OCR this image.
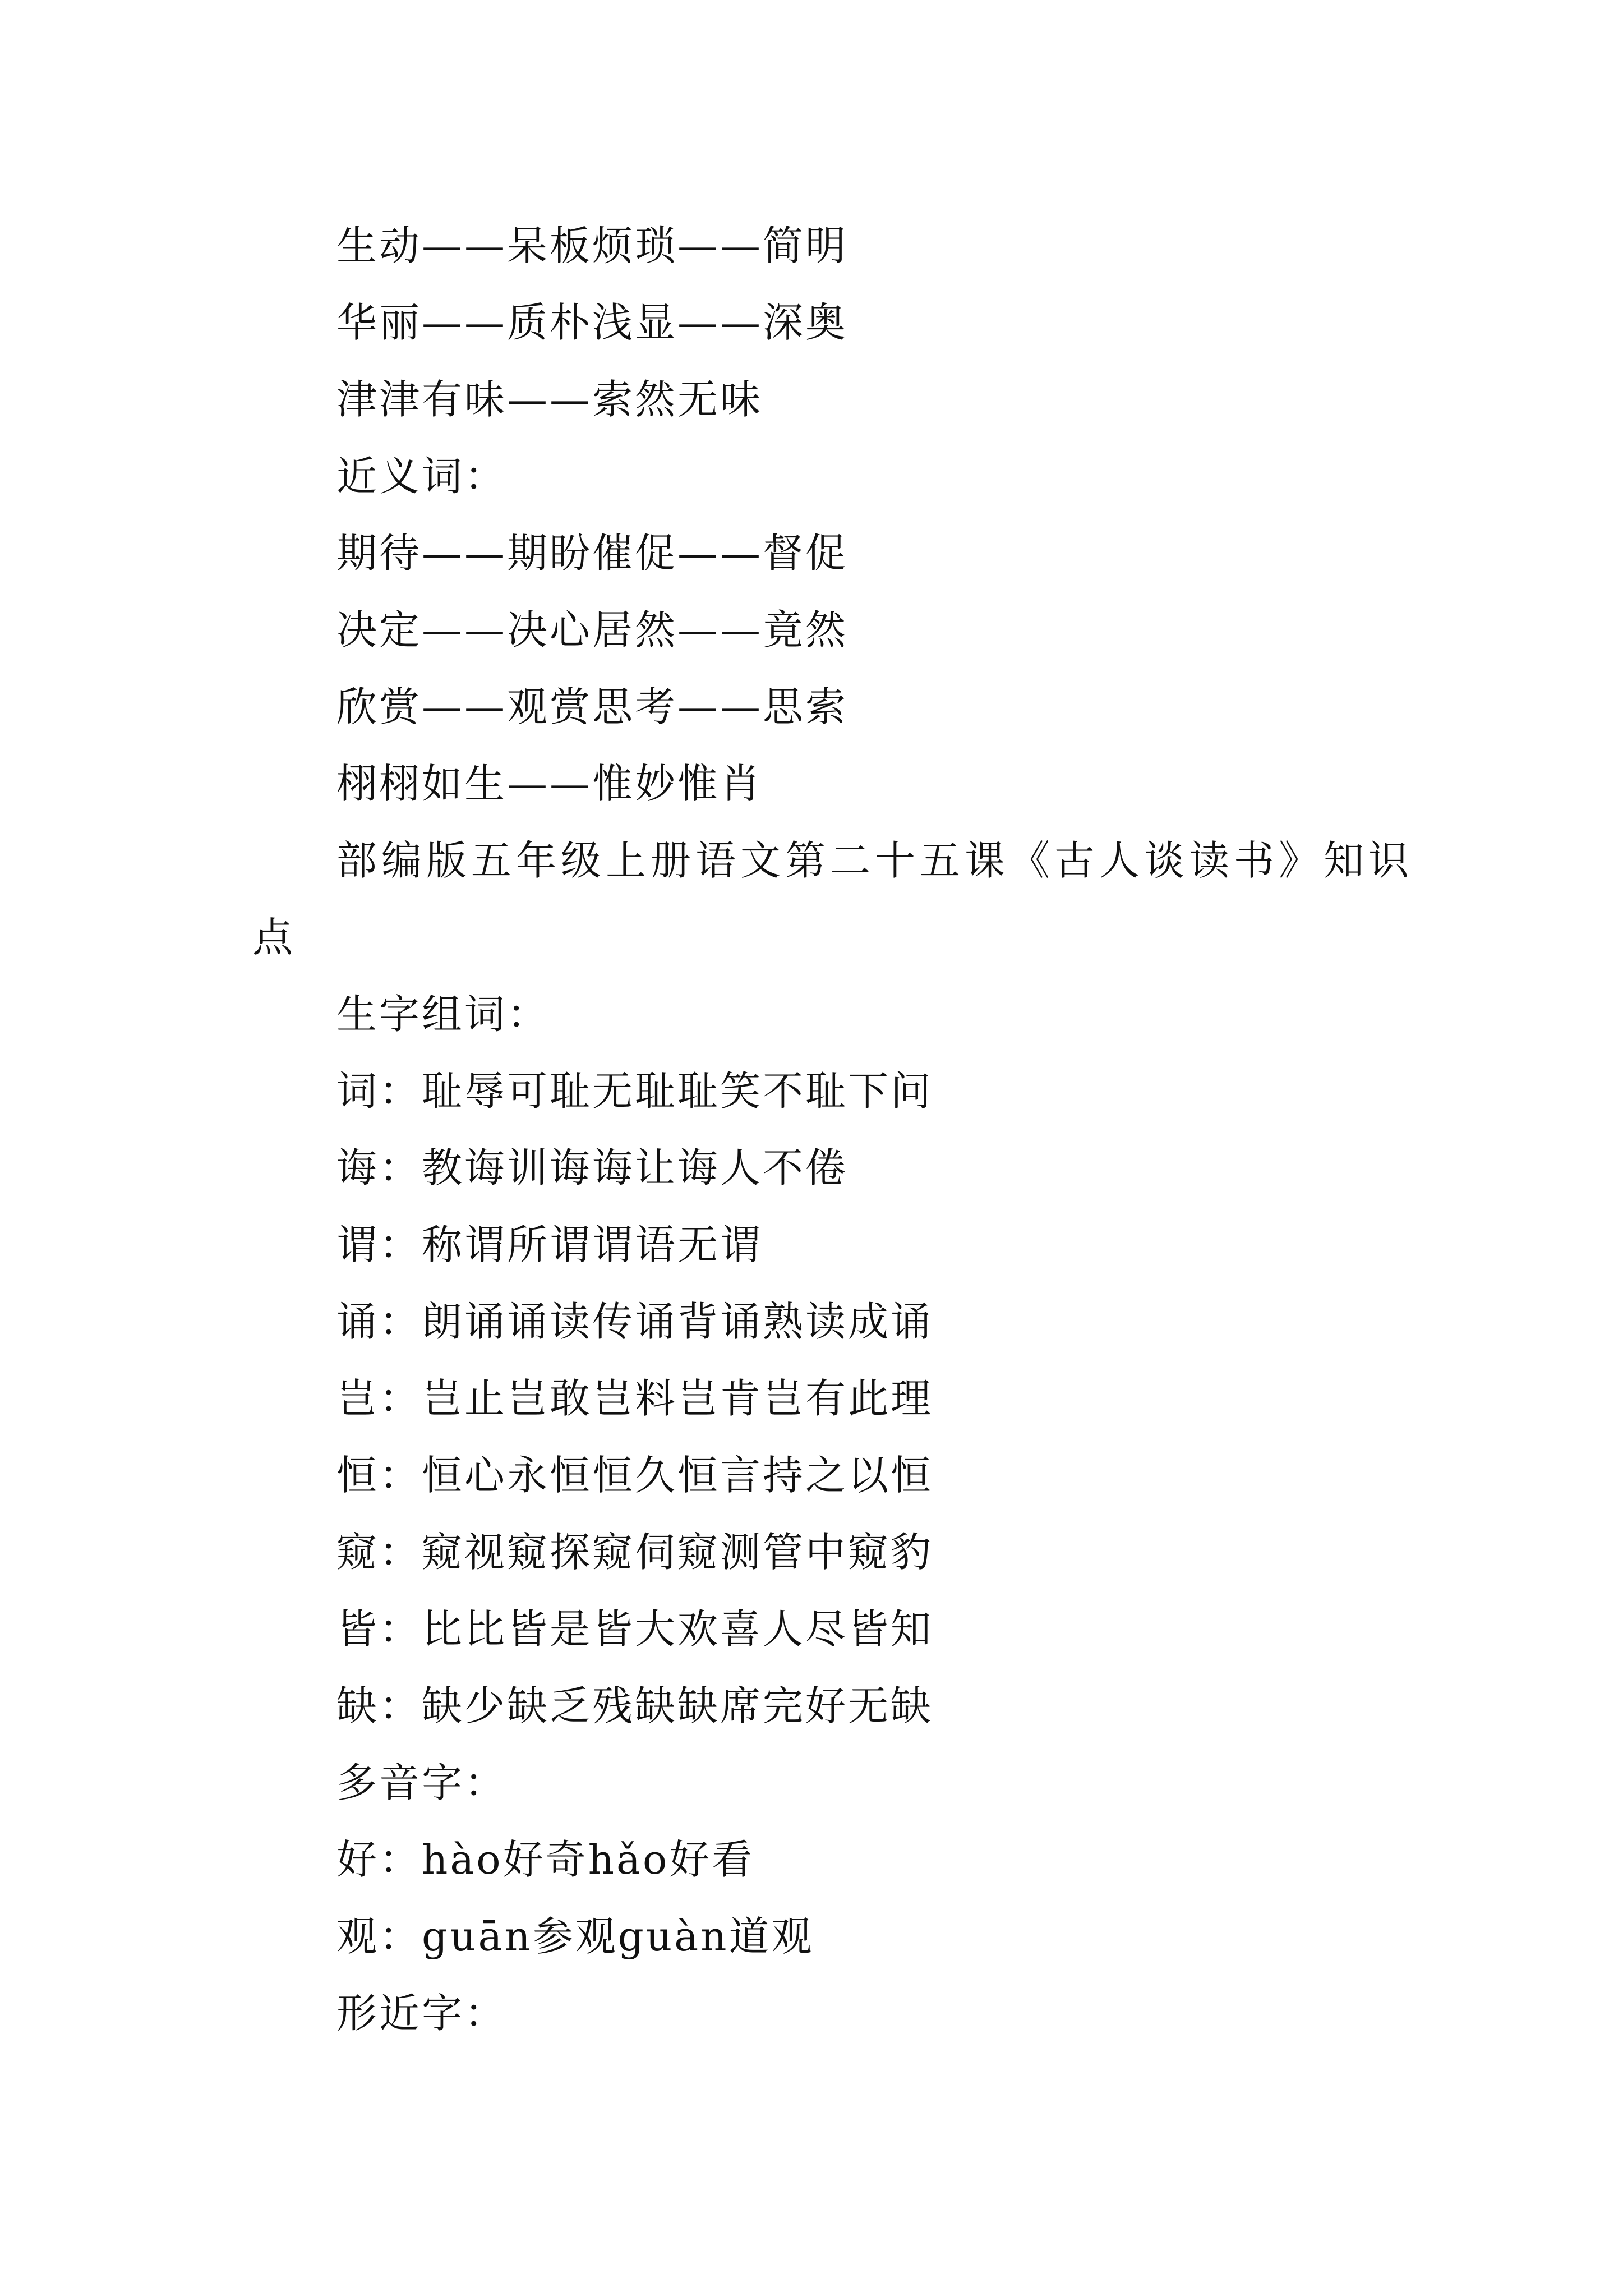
生动——呆板烦琐——简明
华丽——质朴浅显——深奥
津津有味——索然无味
近义词：
期待——期盼催促——督促
决定——决心居然——竟然
欣赏——观赏思考——思索
栩栩如生——惟妙惟肖
部编版五年级上册语文第二十五课《古人谈读书》知识
点
生字组词：
词：耻辱可耻无耻耻笑不耻下问
诲：教诲训诲诲让诲人不倦
谓：称谓所谓谓语无谓
诵：朗诵诵读传诵背诵熟读成诵
岂：岂止岂敢岂料岂肯岂有此理
恒：恒心永恒恒久恒言持之以恒
窥：窥视窥探窥伺窥测管中窥豹
皆：比比皆是皆大欢喜人尽皆知
缺：缺少缺乏残缺缺席完好无缺
多音字：
好：hào好奇hǎo好看
观：guān参观guàn道观
形近字：
